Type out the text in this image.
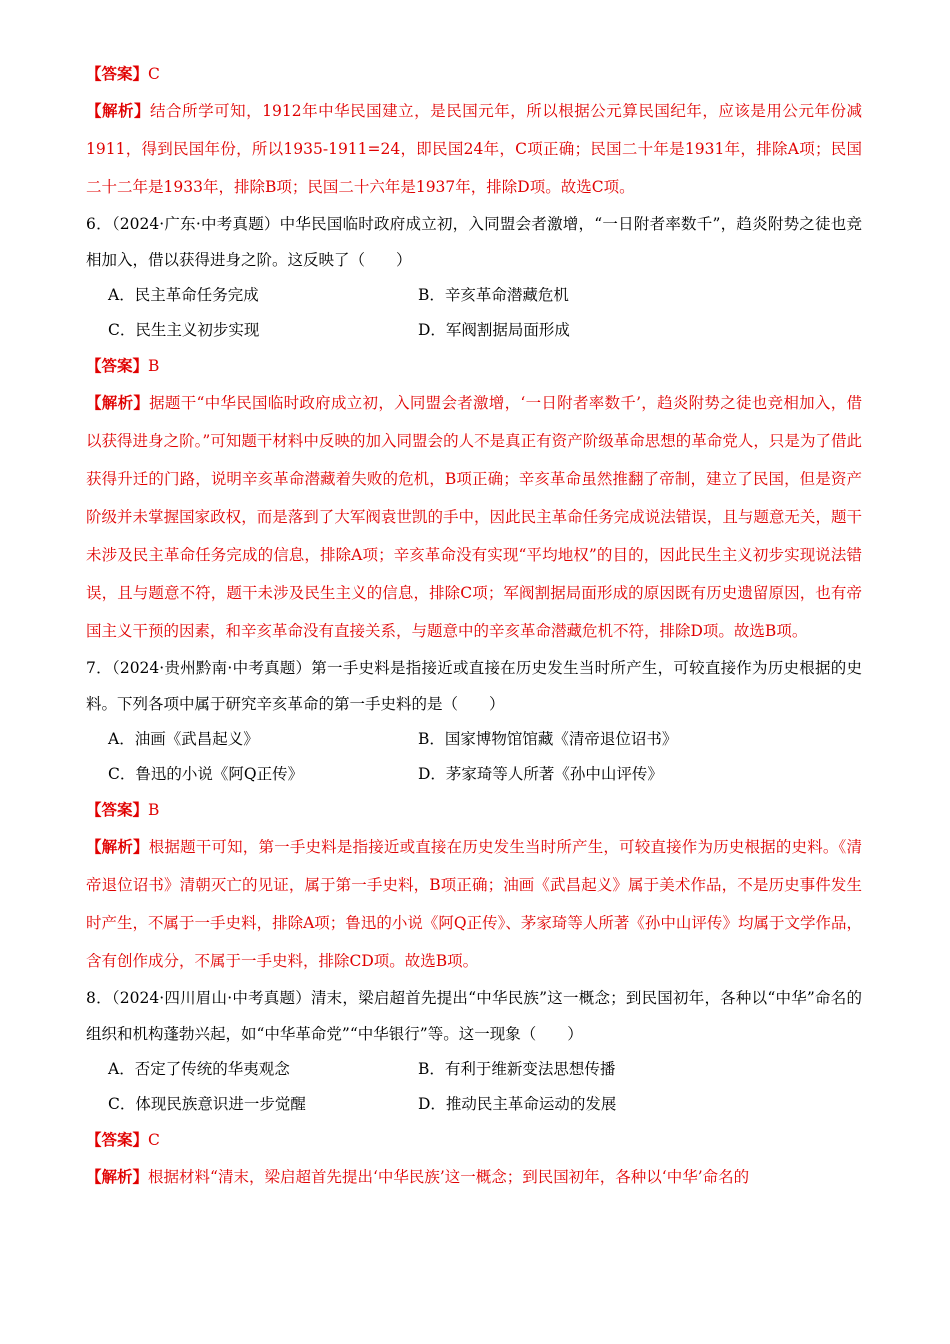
【答案】C
【解析】结合所学可知，1912年中华民国建立，是民国元年，所以根据公元算民国纪年，应该是用公元年份减1911，得到民国年份，所以1935-1911=24，即民国24年，C项正确；民国二十年是1931年，排除A项；民国二十二年是1933年，排除B项；民国二十六年是1937年，排除D项。故选C项。
6．（2024·广东·中考真题）中华民国临时政府成立初，入同盟会者激增，“一日附者率数千”，趋炎附势之徒也竞相加入，借以获得进身之阶。这反映了（　　）
A．民主革命任务完成	B．辛亥革命潜藏危机
C．民生主义初步实现	D．军阀割据局面形成
【答案】B
【解析】据题干“中华民国临时政府成立初，入同盟会者激增，‘一日附者率数千’，趋炎附势之徒也竞相加入，借以获得进身之阶。”可知题干材料中反映的加入同盟会的人不是真正有资产阶级革命思想的革命党人，只是为了借此获得升迁的门路，说明辛亥革命潜藏着失败的危机，B项正确；辛亥革命虽然推翻了帝制，建立了民国，但是资产阶级并未掌握国家政权，而是落到了大军阀袁世凯的手中，因此民主革命任务完成说法错误，且与题意无关，题干未涉及民主革命任务完成的信息，排除A项；辛亥革命没有实现“平均地权”的目的，因此民生主义初步实现说法错误，且与题意不符，题干未涉及民生主义的信息，排除C项；军阀割据局面形成的原因既有历史遗留原因，也有帝国主义干预的因素，和辛亥革命没有直接关系，与题意中的辛亥革命潜藏危机不符，排除D项。故选B项。
7．（2024·贵州黔南·中考真题）第一手史料是指接近或直接在历史发生当时所产生，可较直接作为历史根据的史料。下列各项中属于研究辛亥革命的第一手史料的是（　　）
A．油画《武昌起义》	B．国家博物馆馆藏《清帝退位诏书》
C．鲁迅的小说《阿Q正传》	D．茅家琦等人所著《孙中山评传》
【答案】B
【解析】根据题干可知，第一手史料是指接近或直接在历史发生当时所产生，可较直接作为历史根据的史料。《清帝退位诏书》清朝灭亡的见证，属于第一手史料，B项正确；油画《武昌起义》属于美术作品，不是历史事件发生时产生，不属于一手史料，排除A项；鲁迅的小说《阿Q正传》、茅家琦等人所著《孙中山评传》均属于文学作品，含有创作成分，不属于一手史料，排除CD项。故选B项。
8．（2024·四川眉山·中考真题）清末，梁启超首先提出“中华民族”这一概念；到民国初年，各种以“中华”命名的组织和机构蓬勃兴起，如“中华革命党”“中华银行”等。这一现象（　　）
A．否定了传统的华夷观念	B．有利于维新变法思想传播
C．体现民族意识进一步觉醒	D．推动民主革命运动的发展
【答案】C
【解析】根据材料“清末，梁启超首先提出‘中华民族’这一概念；到民国初年，各种以‘中华’命名的
